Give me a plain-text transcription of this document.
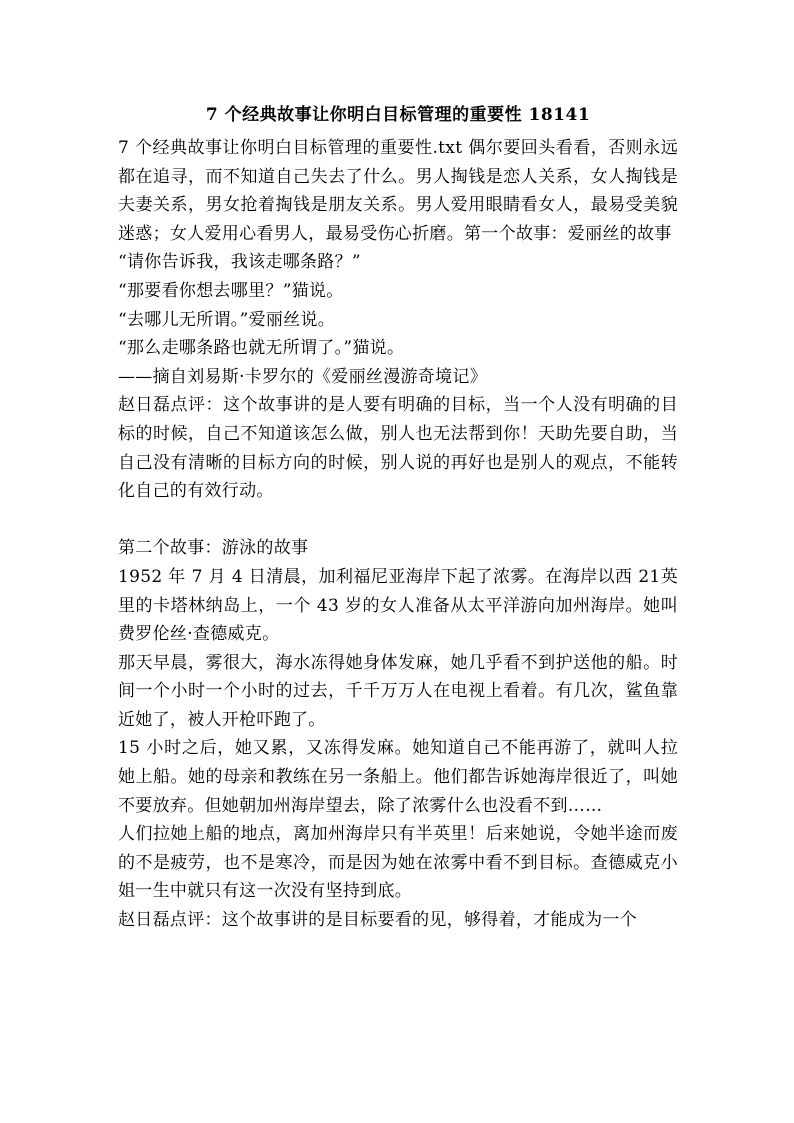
7 个经典故事让你明白目标管理的重要性 18141

7 个经典故事让你明白目标管理的重要性.txt 偶尔要回头看看，否则永远都在追寻，而不知道自己失去了什么。男人掏钱是恋人关系，女人掏钱是夫妻关系，男女抢着掏钱是朋友关系。男人爱用眼睛看女人，最易受美貌迷惑；女人爱用心看男人，最易受伤心折磨。第一个故事：爱丽丝的故事

“请你告诉我，我该走哪条路？”

“那要看你想去哪里？”猫说。

“去哪儿无所谓。”爱丽丝说。

“那么走哪条路也就无所谓了。”猫说。

——摘自刘易斯·卡罗尔的《爱丽丝漫游奇境记》

赵日磊点评：这个故事讲的是人要有明确的目标，当一个人没有明确的目标的时候，自己不知道该怎么做，别人也无法帮到你！天助先要自助，当自己没有清晰的目标方向的时候，别人说的再好也是别人的观点，不能转化自己的有效行动。

第二个故事：游泳的故事

1952 年 7 月 4 日清晨，加利福尼亚海岸下起了浓雾。在海岸以西 21英里的卡塔林纳岛上，一个 43 岁的女人准备从太平洋游向加州海岸。她叫费罗伦丝·查德威克。

那天早晨，雾很大，海水冻得她身体发麻，她几乎看不到护送他的船。时间一个小时一个小时的过去，千千万万人在电视上看着。有几次，鲨鱼靠近她了，被人开枪吓跑了。

15 小时之后，她又累，又冻得发麻。她知道自己不能再游了，就叫人拉她上船。她的母亲和教练在另一条船上。他们都告诉她海岸很近了，叫她不要放弃。但她朝加州海岸望去，除了浓雾什么也没看不到……

人们拉她上船的地点，离加州海岸只有半英里！后来她说，令她半途而废的不是疲劳，也不是寒冷，而是因为她在浓雾中看不到目标。查德威克小姐一生中就只有这一次没有坚持到底。

赵日磊点评：这个故事讲的是目标要看的见，够得着，才能成为一个
